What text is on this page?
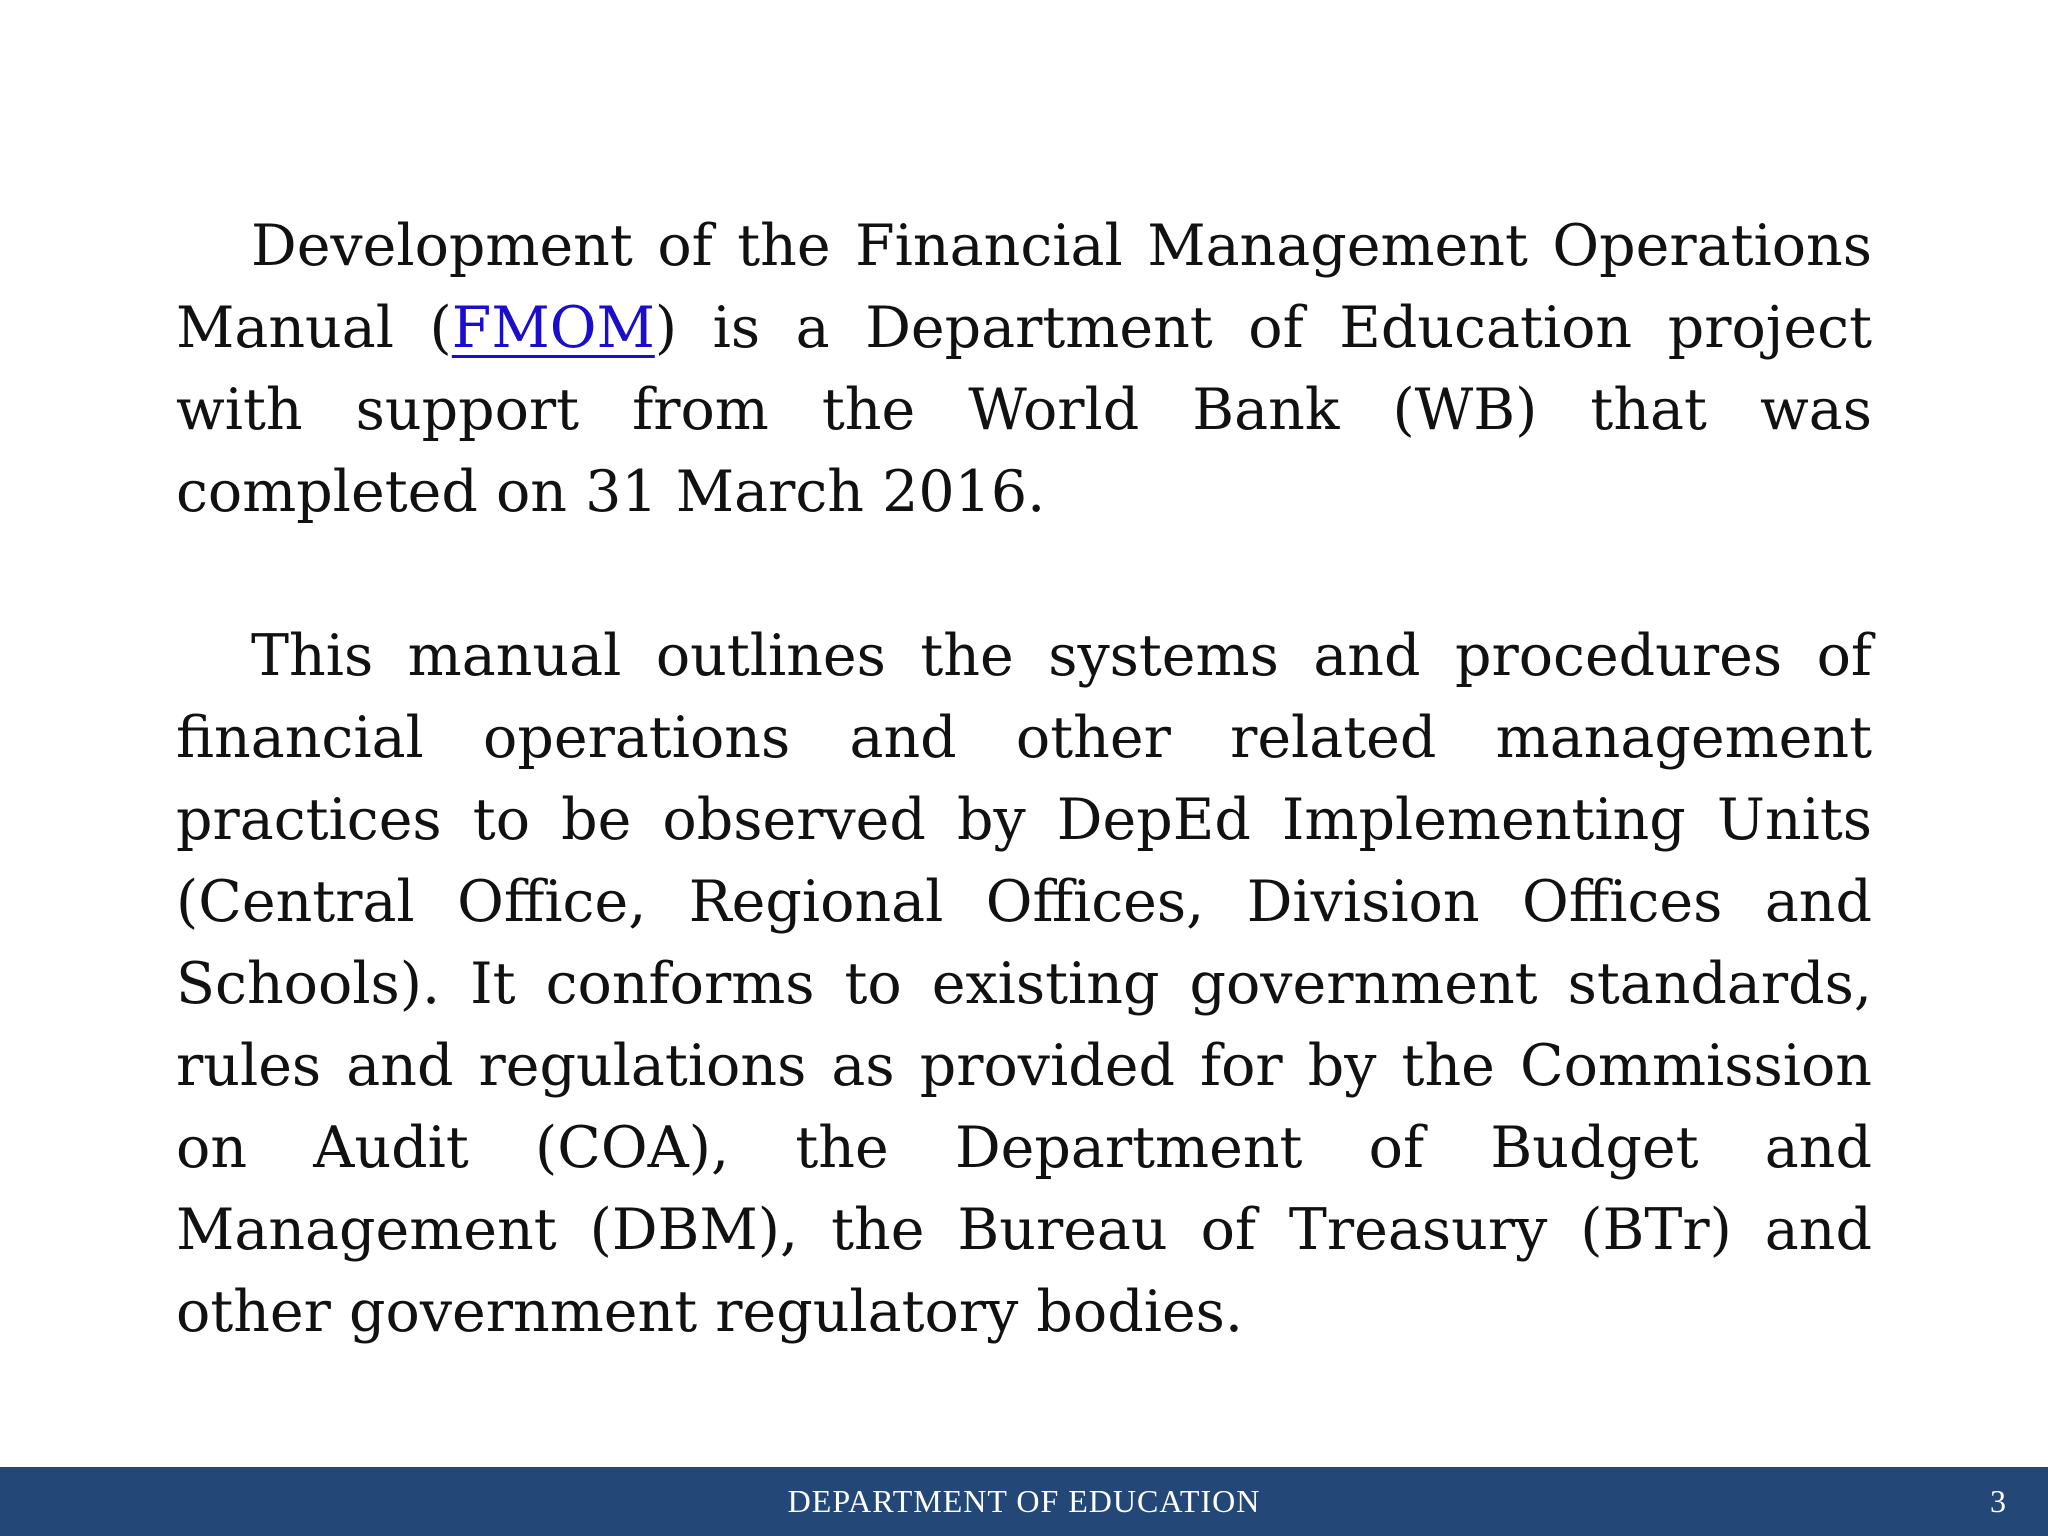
Development of the Financial Management Operations Manual (FMOM) is a Department of Education project with support from the World Bank (WB) that was completed on 31 March 2016.

This manual outlines the systems and procedures of financial operations and other related management practices to be observed by DepEd Implementing Units (Central Office, Regional Offices, Division Offices and Schools). It conforms to existing government standards, rules and regulations as provided for by the Commission on Audit (COA), the Department of Budget and Management (DBM), the Bureau of Treasury (BTr) and other government regulatory bodies.

DEPARTMENT OF EDUCATION	3
